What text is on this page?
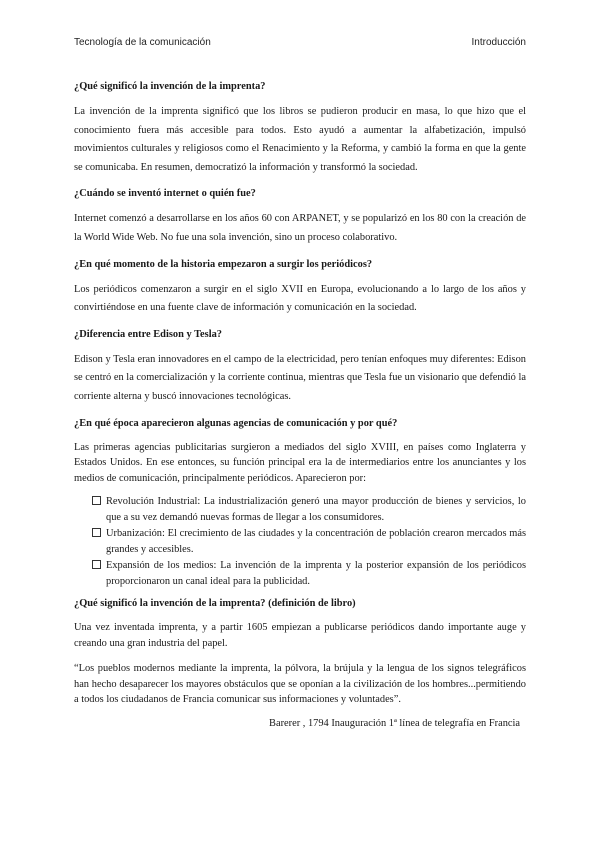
Tecnología de la comunicación	Introducción

¿Qué significó la invención de la imprenta?

La invención de la imprenta significó que los libros se pudieron producir en masa, lo que hizo que el conocimiento fuera más accesible para todos. Esto ayudó a aumentar la alfabetización, impulsó movimientos culturales y religiosos como el Renacimiento y la Reforma, y cambió la forma en que la gente se comunicaba. En resumen, democratizó la información y transformó la sociedad.

¿Cuándo se inventó internet o quién fue?

Internet comenzó a desarrollarse en los años 60 con ARPANET, y se popularizó en los 80 con la creación de la World Wide Web. No fue una sola invención, sino un proceso colaborativo.

¿En qué momento de la historia empezaron a surgir los periódicos?

Los periódicos comenzaron a surgir en el siglo XVII en Europa, evolucionando a lo largo de los años y convirtiéndose en una fuente clave de información y comunicación en la sociedad.

¿Diferencia entre Edison y Tesla?

Edison y Tesla eran innovadores en el campo de la electricidad, pero tenían enfoques muy diferentes: Edison se centró en la comercialización y la corriente continua, mientras que Tesla fue un visionario que defendió la corriente alterna y buscó innovaciones tecnológicas.

¿En qué época aparecieron algunas agencias de comunicación y por qué?

Las primeras agencias publicitarias surgieron a mediados del siglo XVIII, en países como Inglaterra y Estados Unidos. En ese entonces, su función principal era la de intermediarios entre los anunciantes y los medios de comunicación, principalmente periódicos. Aparecieron por:

Revolución Industrial: La industrialización generó una mayor producción de bienes y servicios, lo que a su vez demandó nuevas formas de llegar a los consumidores.
Urbanización: El crecimiento de las ciudades y la concentración de población crearon mercados más grandes y accesibles.
Expansión de los medios: La invención de la imprenta y la posterior expansión de los periódicos proporcionaron un canal ideal para la publicidad.

¿Qué significó la invención de la imprenta? (definición de libro)

Una vez inventada imprenta, y a partir 1605 empiezan a publicarse periódicos dando importante auge y creando una gran industria del papel.

“Los pueblos modernos mediante la imprenta, la pólvora, la brújula y la lengua de los signos telegráficos han hecho desaparecer los mayores obstáculos que se oponían a la civilización de los hombres...permitiendo a todos los ciudadanos de Francia comunicar sus informaciones y voluntades”.

Barerer , 1794 Inauguración 1ª línea de telegrafía en Francia
